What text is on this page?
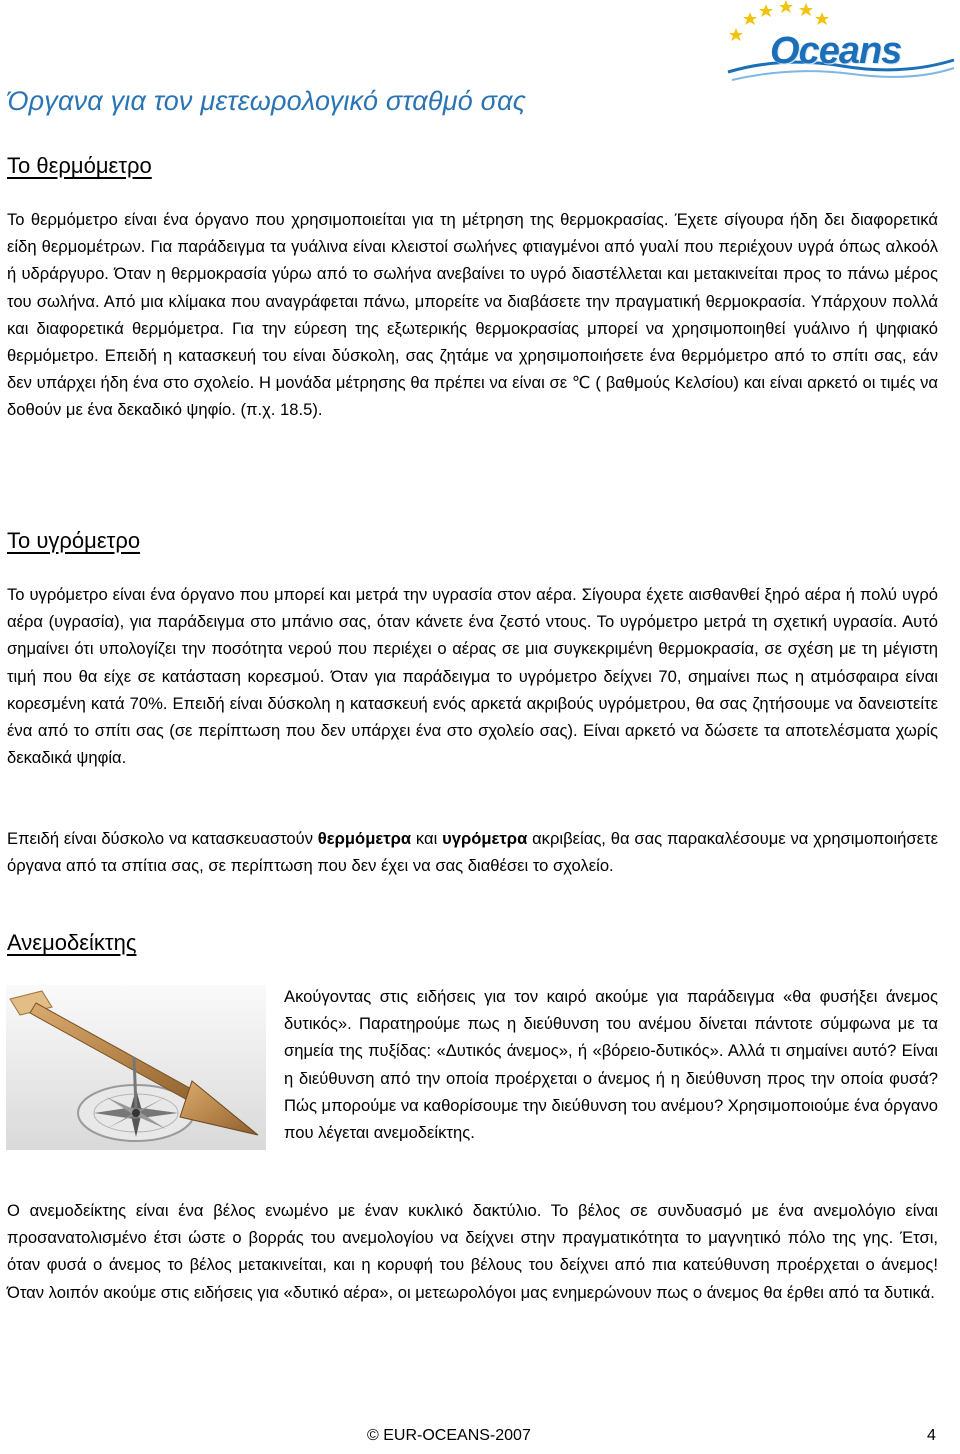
Oceans
Όργανα για τον μετεωρολογικό σταθμό σας
Το θερμόμετρο

Το θερμόμετρο είναι ένα όργανο που χρησιμοποιείται για τη μέτρηση της θερμοκρασίας. Έχετε σίγουρα ήδη δει διαφορετικά είδη θερμομέτρων. Για παράδειγμα τα γυάλινα είναι κλειστοί σωλήνες φτιαγμένοι από γυαλί που περιέχουν υγρά όπως αλκοόλ ή υδράργυρο. Όταν η θερμοκρασία γύρω από το σωλήνα ανεβαίνει το υγρό διαστέλλεται και μετακινείται προς το πάνω μέρος του σωλήνα. Από μια κλίμακα που αναγράφεται πάνω, μπορείτε να διαβάσετε την πραγματική θερμοκρασία. Υπάρχουν πολλά και διαφορετικά θερμόμετρα. Για την εύρεση της εξωτερικής θερμοκρασίας μπορεί να χρησιμοποιηθεί γυάλινο ή ψηφιακό θερμόμετρο. Επειδή η κατασκευή του είναι δύσκολη, σας ζητάμε να χρησιμοποιήσετε ένα θερμόμετρο από το σπίτι σας, εάν δεν υπάρχει ήδη ένα στο σχολείο. Η μονάδα μέτρησης θα πρέπει να είναι σε ℃ ( βαθμούς Κελσίου) και είναι αρκετό οι τιμές να δοθούν με ένα δεκαδικό ψηφίο. (π.χ. 18.5).

Το υγρόμετρο

Το υγρόμετρο είναι ένα όργανο που μπορεί και μετρά την υγρασία στον αέρα. Σίγουρα έχετε αισθανθεί ξηρό αέρα ή πολύ υγρό αέρα (υγρασία), για παράδειγμα στο μπάνιο σας, όταν κάνετε ένα ζεστό ντους. Το υγρόμετρο μετρά τη σχετική υγρασία. Αυτό σημαίνει ότι υπολογίζει την ποσότητα νερού που περιέχει ο αέρας σε μια συγκεκριμένη θερμοκρασία, σε σχέση με τη μέγιστη τιμή που θα είχε σε κατάσταση κορεσμού. Όταν για παράδειγμα το υγρόμετρο δείχνει 70, σημαίνει πως η ατμόσφαιρα είναι κορεσμένη κατά 70%. Επειδή είναι δύσκολη η κατασκευή ενός αρκετά ακριβούς υγρόμετρου, θα σας ζητήσουμε να δανειστείτε ένα από το σπίτι σας (σε περίπτωση που δεν υπάρχει ένα στο σχολείο σας). Είναι αρκετό να δώσετε τα αποτελέσματα χωρίς δεκαδικά ψηφία.

Επειδή είναι δύσκολο να κατασκευαστούν θερμόμετρα και υγρόμετρα ακριβείας, θα σας παρακαλέσουμε να χρησιμοποιήσετε όργανα από τα σπίτια σας, σε περίπτωση που δεν έχει να σας διαθέσει το σχολείο.

Ανεμοδείκτης

Ακούγοντας στις ειδήσεις για τον καιρό ακούμε για παράδειγμα «θα φυσήξει άνεμος δυτικός». Παρατηρούμε πως η διεύθυνση του ανέμου δίνεται πάντοτε σύμφωνα με τα σημεία της πυξίδας: «Δυτικός άνεμος», ή «βόρειο-δυτικός». Αλλά τι σημαίνει αυτό? Είναι η διεύθυνση από την οποία προέρχεται ο άνεμος ή η διεύθυνση προς την οποία φυσά? Πώς μπορούμε να καθορίσουμε την διεύθυνση του ανέμου? Χρησιμοποιούμε ένα όργανο που λέγεται ανεμοδείκτης.

Ο ανεμοδείκτης είναι ένα βέλος ενωμένο με έναν κυκλικό δακτύλιο. Το βέλος σε συνδυασμό με ένα ανεμολόγιο είναι προσανατολισμένο έτσι ώστε ο βορράς του ανεμολογίου να δείχνει στην πραγματικότητα το μαγνητικό πόλο της γης. Έτσι, όταν φυσά ο άνεμος το βέλος μετακινείται, και η κορυφή του βέλους του δείχνει από πια κατεύθυνση προέρχεται ο άνεμος! Όταν λοιπόν ακούμε στις ειδήσεις για «δυτικό αέρα», οι μετεωρολόγοι μας ενημερώνουν πως ο άνεμος θα έρθει από τα δυτικά.

© EUR-OCEANS-2007	4
